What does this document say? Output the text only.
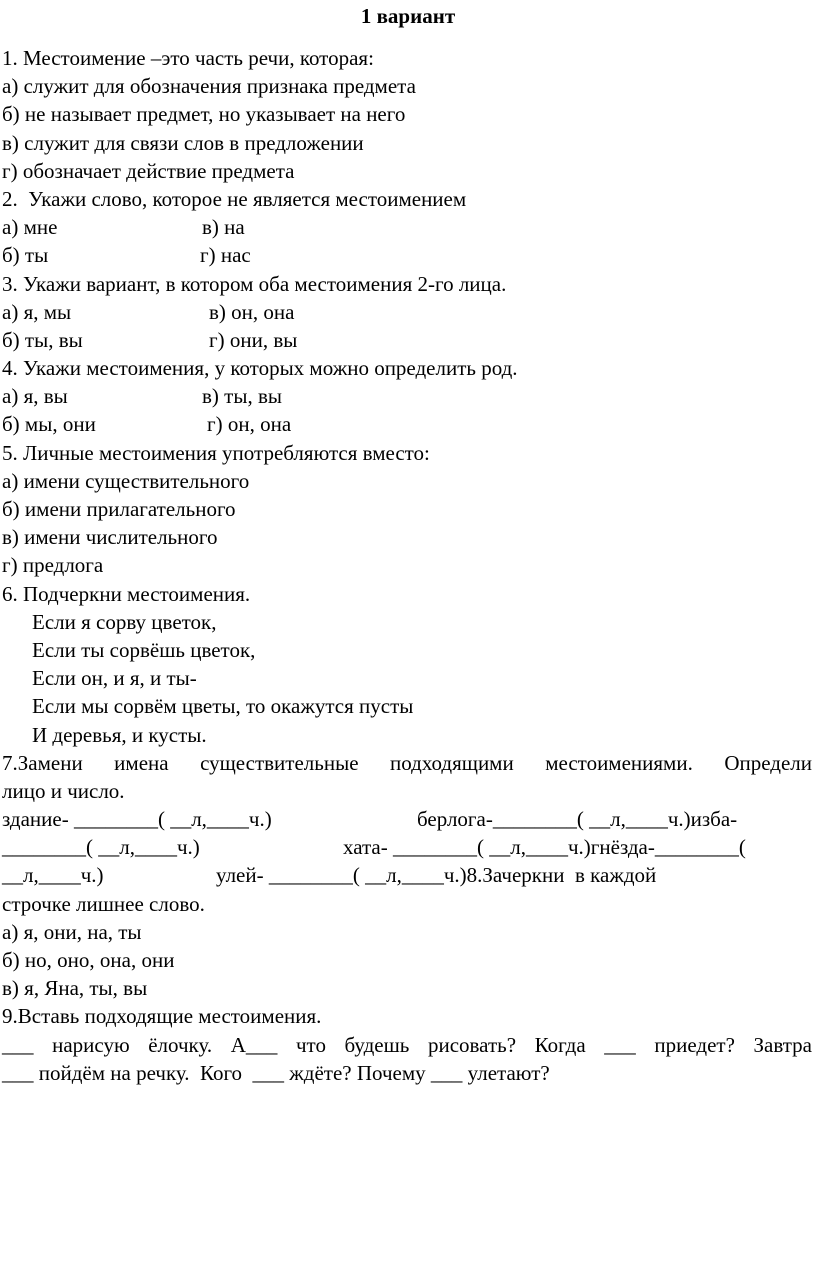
1 вариант
1. Местоимение –это часть речи, которая:
а) служит для обозначения признака предмета
б) не называет предмет, но указывает на него
в) служит для связи слов в предложении
г) обозначает действие предмета
2.  Укажи слово, которое не является местоимением
а) мне	в) на
б) ты	г) нас
3. Укажи вариант, в котором оба местоимения 2-го лица.
а) я, мы	в) он, она
б) ты, вы	г) они, вы
4. Укажи местоимения, у которых можно определить род.
а) я, вы	в) ты, вы
б) мы, они	г) он, она
5. Личные местоимения употребляются вместо:
а) имени существительного
б) имени прилагательного
в) имени числительного
г) предлога
6. Подчеркни местоимения.
Если я сорву цветок,
Если ты сорвёшь цветок,
Если он, и я, и ты-
Если мы сорвём цветы, то окажутся пусты
И деревья, и кусты.
7.Замени имена существительные подходящими местоимениями. Определи
лицо и число.
здание- ________( __л,____ч.)	берлога-________( __л,____ч.)изба-
________( __л,____ч.)	хата- ________( __л,____ч.)гнёзда-________(
__л,____ч.)	улей- ________( __л,____ч.)8.Зачеркни  в каждой
строчке лишнее слово.
а) я, они, на, ты
б) но, оно, она, они
в) я, Яна, ты, вы
9.Вставь подходящие местоимения.
___ нарисую ёлочку. А___ что будешь рисовать? Когда ___ приедет? Завтра
___ пойдём на речку.  Кого  ___ ждёте? Почему ___ улетают?
